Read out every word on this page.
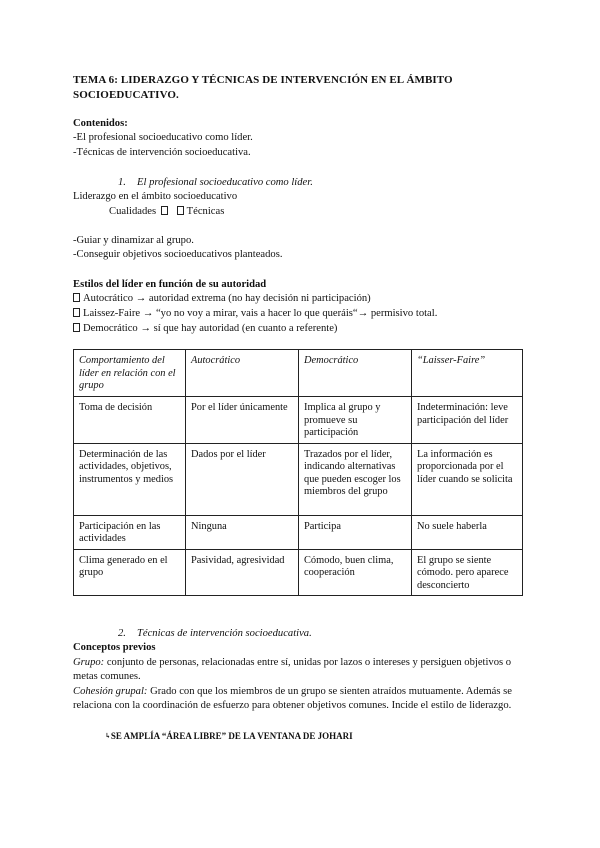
TEMA 6: LIDERAZGO Y TÉCNICAS DE INTERVENCIÓN EN EL ÁMBITO
SOCIOEDUCATIVO.
Contenidos:
-El profesional socioeducativo como líder.
-Técnicas de intervención socioeducativa.
1. El profesional socioeducativo como líder.
Liderazgo en el ámbito socioeducativo
Cualidades	Técnicas
-Guiar y dinamizar al grupo.
-Conseguir objetivos socioeducativos planteados.
Estilos del líder en función de su autoridad
Autocrático → autoridad extrema (no hay decisión ni participación)
Laissez-Faire → “yo no voy a mirar, vais a hacer lo que queráis“→ permisivo total.
Democrático → sí que hay autoridad (en cuanto a referente)
Comportamiento del líder en relación con el grupo	Autocrático	Democrático	“Laisser-Faire”
Toma de decisión	Por el líder únicamente	Implica al grupo y promueve su participación	Indeterminación: leve participación del líder
Determinación de las actividades, objetivos, instrumentos y medios	Dados por el líder	Trazados por el líder, indicando alternativas que pueden escoger los miembros del grupo	La información es proporcionada por el líder cuando se solicita
Participación en las actividades	Ninguna	Participa	No suele haberla
Clima generado en el grupo	Pasividad, agresividad	Cómodo, buen clima, cooperación	El grupo se siente cómodo. pero aparece desconcierto
2. Técnicas de intervención socioeducativa.
Conceptos previos
Grupo: conjunto de personas, relacionadas entre sí, unidas por lazos o intereses y persiguen objetivos o metas comunes.
Cohesión grupal: Grado con que los miembros de un grupo se sienten atraídos mutuamente. Además se relaciona con la coordinación de esfuerzo para obtener objetivos comunes. Incide el estilo de liderazgo.
↳SE AMPLÍA “ÁREA LIBRE” DE LA VENTANA DE JOHARI
